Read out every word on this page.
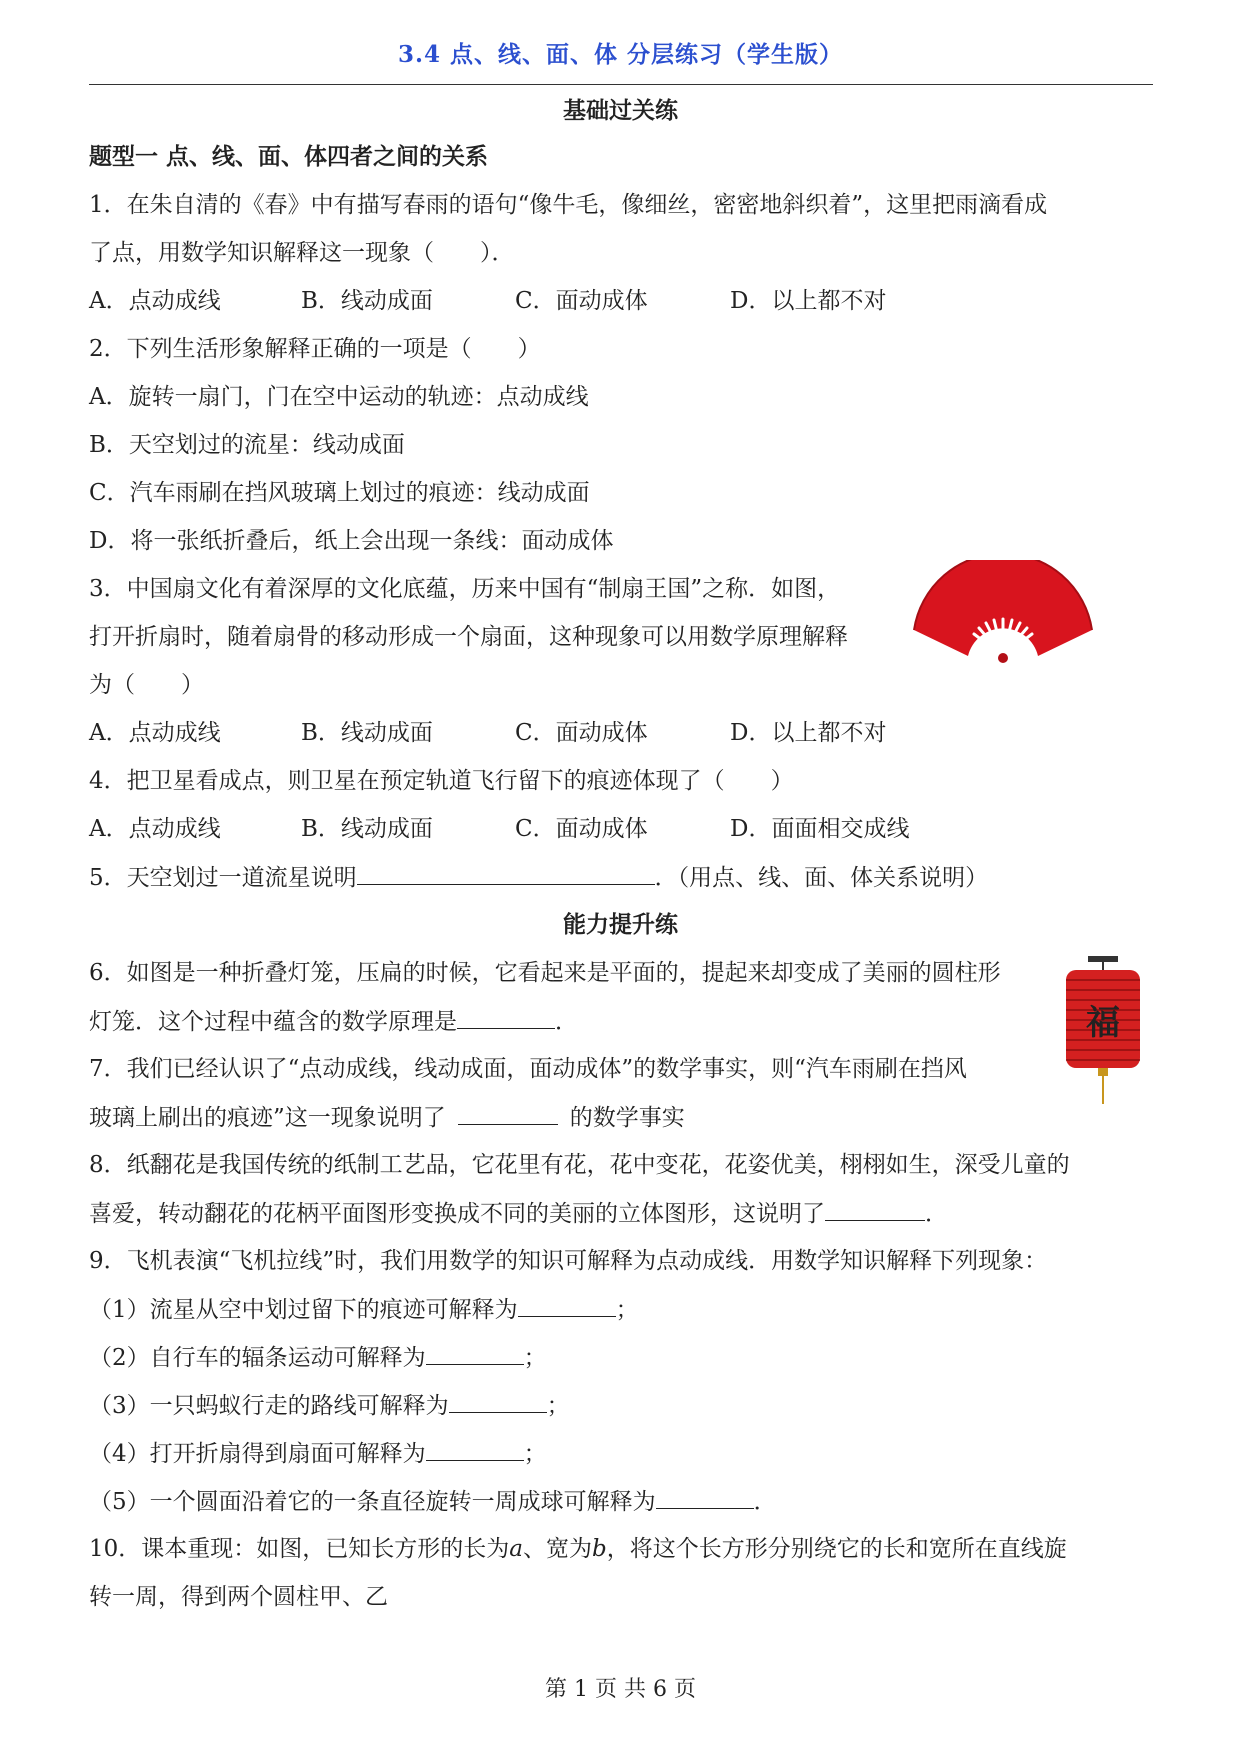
3.4 点、线、面、体 分层练习（学生版）
基础过关练
题型一 点、线、面、体四者之间的关系
1．在朱自清的《春》中有描写春雨的语句“像牛毛，像细丝，密密地斜织着”，这里把雨滴看成
了点，用数学知识解释这一现象（　　）．
A．点动成线	B．线动成面	C．面动成体	D．以上都不对
2．下列生活形象解释正确的一项是（　　）
A．旋转一扇门，门在空中运动的轨迹：点动成线
B．天空划过的流星：线动成面
C．汽车雨刷在挡风玻璃上划过的痕迹：线动成面
D．将一张纸折叠后，纸上会出现一条线：面动成体
3．中国扇文化有着深厚的文化底蕴，历来中国有“制扇王国”之称．如图，
打开折扇时，随着扇骨的移动形成一个扇面，这种现象可以用数学原理解释
为（　　）
A．点动成线	B．线动成面	C．面动成体	D．以上都不对
4．把卫星看成点，则卫星在预定轨道飞行留下的痕迹体现了（　　）
A．点动成线	B．线动成面	C．面动成体	D．面面相交成线
5．天空划过一道流星说明	．（用点、线、面、体关系说明）
能力提升练
6．如图是一种折叠灯笼，压扁的时候，它看起来是平面的，提起来却变成了美丽的圆柱形
灯笼．这个过程中蕴含的数学原理是	．	福
7．我们已经认识了“点动成线，线动成面，面动成体”的数学事实，则“汽车雨刷在挡风
玻璃上刷出的痕迹”这一现象说明了	的数学事实
8．纸翻花是我国传统的纸制工艺品，它花里有花，花中变花，花姿优美，栩栩如生，深受儿童的
喜爱，转动翻花的花柄平面图形变换成不同的美丽的立体图形，这说明了	．
9．飞机表演“飞机拉线”时，我们用数学的知识可解释为点动成线．用数学知识解释下列现象：
（1）流星从空中划过留下的痕迹可解释为	；
（2）自行车的辐条运动可解释为	；
（3）一只蚂蚁行走的路线可解释为	；
（4）打开折扇得到扇面可解释为	；
（5）一个圆面沿着它的一条直径旋转一周成球可解释为	．
10．课本重现：如图，已知长方形的长为a、宽为b，将这个长方形分别绕它的长和宽所在直线旋
转一周，得到两个圆柱甲、乙
第 1 页 共 6 页
